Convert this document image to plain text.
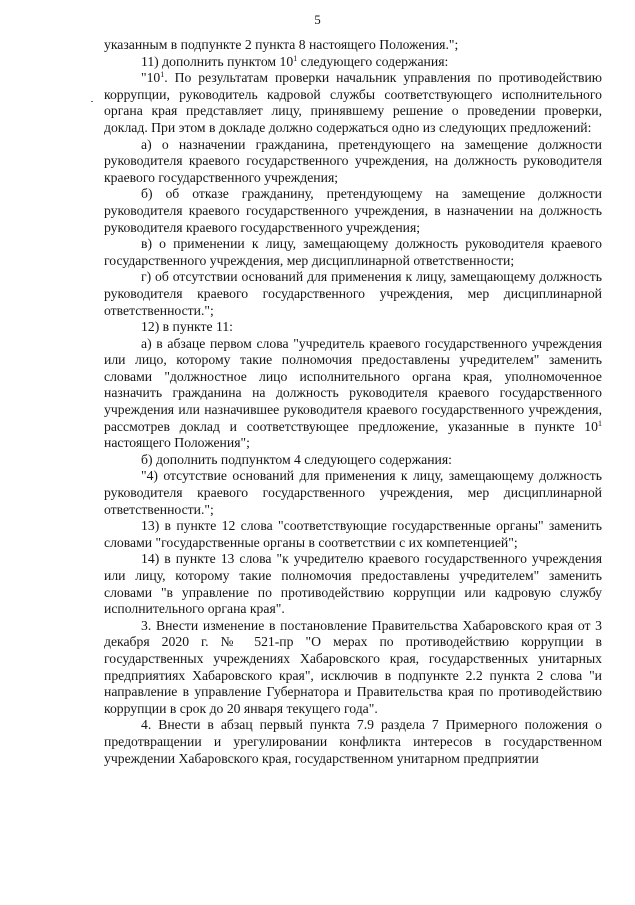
5

указанным в подпункте 2 пункта 8 настоящего Положения.";

11) дополнить пунктом $10^1$ следующего содержания:

"$10^1$. По результатам проверки начальник управления по противодействию коррупции, руководитель кадровой службы соответствующего исполнительного органа края представляет лицу, принявшему решение о проведении проверки, доклад. При этом в докладе должно содержаться одно из следующих предложений:

а) о назначении гражданина, претендующего на замещение должности руководителя краевого государственного учреждения, на должность руководителя краевого государственного учреждения;

б) об отказе гражданину, претендующему на замещение должности руководителя краевого государственного учреждения, в назначении на должность руководителя краевого государственного учреждения;

в) о применении к лицу, замещающему должность руководителя краевого государственного учреждения, мер дисциплинарной ответственности;

г) об отсутствии оснований для применения к лицу, замещающему должность руководителя краевого государственного учреждения, мер дисциплинарной ответственности.";

12) в пункте 11:

а) в абзаце первом слова "учредитель краевого государственного учреждения или лицо, которому такие полномочия предоставлены учредителем" заменить словами "должностное лицо исполнительного органа края, уполномоченное назначить гражданина на должность руководителя краевого государственного учреждения или назначившее руководителя краевого государственного учреждения, рассмотрев доклад и соответствующее предложение, указанные в пункте $10^1$ настоящего Положения";

б) дополнить подпунктом 4 следующего содержания:

"4) отсутствие оснований для применения к лицу, замещающему должность руководителя краевого государственного учреждения, мер дисциплинарной ответственности.";

13) в пункте 12 слова "соответствующие государственные органы" заменить словами "государственные органы в соответствии с их компетенцией";

14) в пункте 13 слова "к учредителю краевого государственного учреждения или лицу, которому такие полномочия предоставлены учредителем" заменить словами "в управление по противодействию коррупции или кадровую службу исполнительного органа края".

3. Внести изменение в постановление Правительства Хабаровского края от 3 декабря 2020 г. № 521-пр "О мерах по противодействию коррупции в государственных учреждениях Хабаровского края, государственных унитарных предприятиях Хабаровского края", исключив в подпункте 2.2 пункта 2 слова "и направление в управление Губернатора и Правительства края по противодействию коррупции в срок до 20 января текущего года".

4. Внести в абзац первый пункта 7.9 раздела 7 Примерного положения о предотвращении и урегулировании конфликта интересов в государственном учреждении Хабаровского края, государственном унитарном предприятии
